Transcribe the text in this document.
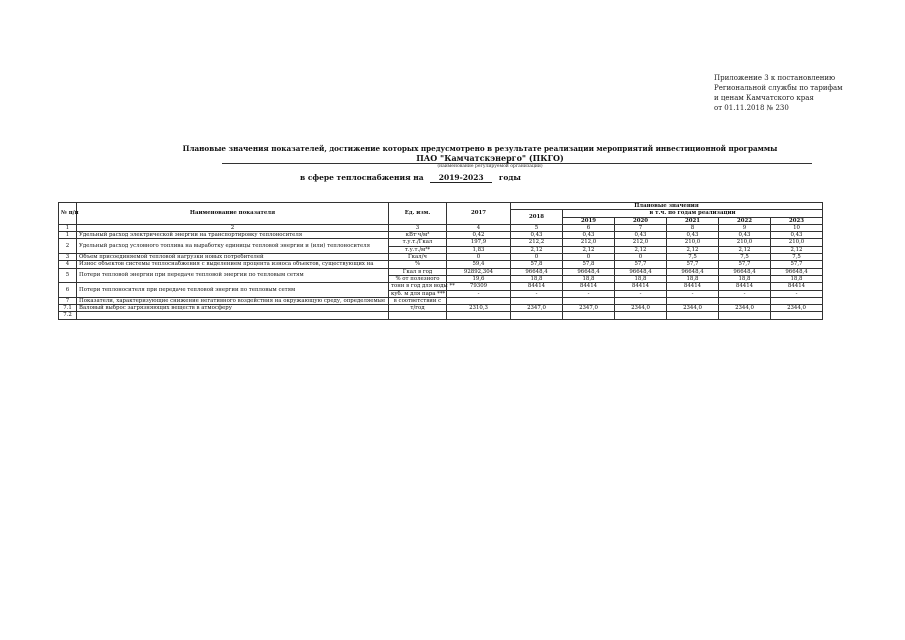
Приложение 3 к постановлению
Региональной службы по тарифам
и ценам Камчатского края
от 01.11.2018 № 230
Плановые значения показателей, достижение которых предусмотрено в результате реализации мероприятий инвестиционной программы
ПАО "Камчатскэнерго" (ПКГО)
(наименование регулируемой организации)
в сфере теплоснабжения на 2019-2023 годы
№ п/п	Наименование показателя	Ед. изм.	2017	Плановые значения					
				2018	в т.ч. по годам реализации				
					2019	2020	2021	2022	2023
1	2	3	4	5	6	7	8	9	10
1	Удельный расход электрической энергии на транспортировку теплоносителя	кВт·ч/м³	0,42	0,43	0,43	0,43	0,43	0,43	0,43
2	Удельный расход условного топлива на выработку единицы тепловой энергии и (или) теплоносителя	т.у.т./Гкал	197,9	212,2	212,0	212,0	210,0	210,0	210,0
		т.у.т./м³*	1,83	2,12	2,12	2,12	2,12	2,12	2,12
3	Объем присоединяемой тепловой нагрузки новых потребителей	Гкал/ч	0	0	0	0	7,5	7,5	7,5
4	Износ объектов системы теплоснабжения с выделением процента износа объектов, существующих на	%	59,4	57,8	57,8	57,7	57,7	57,7	57,7
5	Потери тепловой энергии при передаче тепловой энергии по тепловым сетям	Гкал в год	92892,304	96648,4	96648,4	96648,4	96648,4	96648,4	96648,4
		% от полезного	19,6	18,8	18,8	18,8	18,8	18,8	18,8
6	Потери теплоносителя при передаче тепловой энергии по тепловым сетям	тонн в год для воды **	79309	84414	84414	84414	84414	84414	84414
		куб. м для пара ***	-	-	-	-	-	-	-
7	Показатели, характеризующие снижение негативного воздействия на окружающую среду, определяемые	в соответствии с							
7.1	Валовый выброс загрязняющих веществ в атмосферу	т/год	2310,3	2347,0	2347,0	2344,0	2344,0	2344,0	2344,0
7.2									
